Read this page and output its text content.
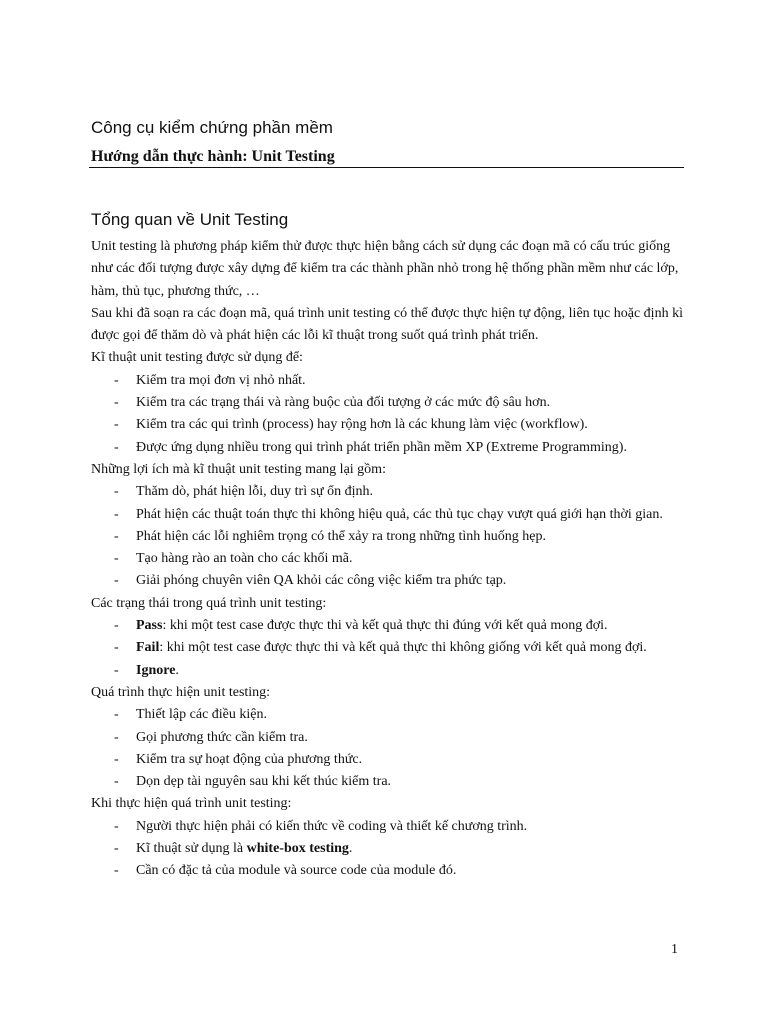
Công cụ kiểm chứng phần mềm
Hướng dẫn thực hành: Unit Testing
Tổng quan về Unit Testing

Unit testing là phương pháp kiểm thử được thực hiện bằng cách sử dụng các đoạn mã có cấu trúc giống như các đối tượng được xây dựng để kiểm tra các thành phần nhỏ trong hệ thống phần mềm như các lớp, hàm, thủ tục, phương thức, …

Sau khi đã soạn ra các đoạn mã, quá trình unit testing có thể được thực hiện tự động, liên tục hoặc định kì được gọi để thăm dò và phát hiện các lỗi kĩ thuật trong suốt quá trình phát triển.

Kĩ thuật unit testing được sử dụng để:

- Kiểm tra mọi đơn vị nhỏ nhất.

- Kiểm tra các trạng thái và ràng buộc của đối tượng ở các mức độ sâu hơn.

- Kiểm tra các qui trình (process) hay rộng hơn là các khung làm việc (workflow).

- Được ứng dụng nhiều trong qui trình phát triển phần mềm XP (Extreme Programming).

Những lợi ích mà kĩ thuật unit testing mang lại gồm:

- Thăm dò, phát hiện lỗi, duy trì sự ổn định.

- Phát hiện các thuật toán thực thi không hiệu quả, các thủ tục chạy vượt quá giới hạn thời gian.

- Phát hiện các lỗi nghiêm trọng có thể xảy ra trong những tình huống hẹp.

- Tạo hàng rào an toàn cho các khối mã.

- Giải phóng chuyên viên QA khỏi các công việc kiểm tra phức tạp.

Các trạng thái trong quá trình unit testing:

- Pass: khi một test case được thực thi và kết quả thực thi đúng với kết quả mong đợi.

- Fail: khi một test case được thực thi và kết quả thực thi không giống với kết quả mong đợi.

- Ignore.

Quá trình thực hiện unit testing:

- Thiết lập các điều kiện.

- Gọi phương thức cần kiểm tra.

- Kiểm tra sự hoạt động của phương thức.

- Dọn dẹp tài nguyên sau khi kết thúc kiểm tra.

Khi thực hiện quá trình unit testing:

- Người thực hiện phải có kiến thức về coding và thiết kế chương trình.

- Kĩ thuật sử dụng là white-box testing.

- Cần có đặc tả của module và source code của module đó.

1
